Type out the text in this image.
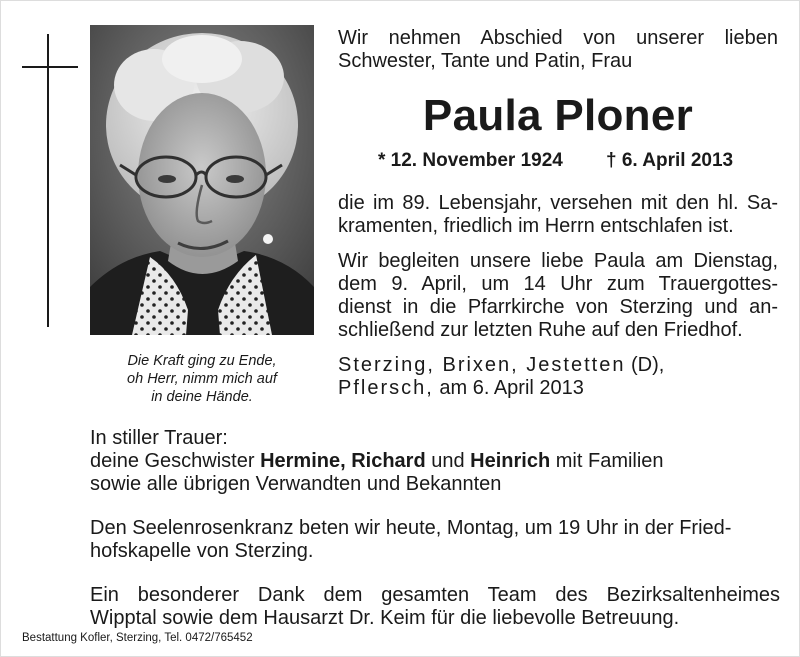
Die Kraft ging zu Ende,
oh Herr, nimm mich auf
in deine Hände.
Wir nehmen Abschied von unserer lieben
Schwester, Tante und Patin, Frau
Paula Ploner
* 12. November 1924 † 6. April 2013
die im 89. Lebensjahr, versehen mit den hl. Sa-
kramenten, friedlich im Herrn entschlafen ist.
Wir begleiten unsere liebe Paula am Dienstag,
dem 9. April, um 14 Uhr zum Trauergottes-
dienst in die Pfarrkirche von Sterzing und an-
schließend zur letzten Ruhe auf den Friedhof.
Sterzing, Brixen, Jestetten (D),
Pflersch, am 6. April 2013
In stiller Trauer:
deine Geschwister Hermine, Richard und Heinrich mit Familien
sowie alle übrigen Verwandten und Bekannten
Den Seelenrosenkranz beten wir heute, Montag, um 19 Uhr in der Fried-
hofskapelle von Sterzing.
Ein besonderer Dank dem gesamten Team des Bezirksaltenheimes
Wipptal sowie dem Hausarzt Dr. Keim für die liebevolle Betreuung.
Bestattung Kofler, Sterzing, Tel. 0472/765452
